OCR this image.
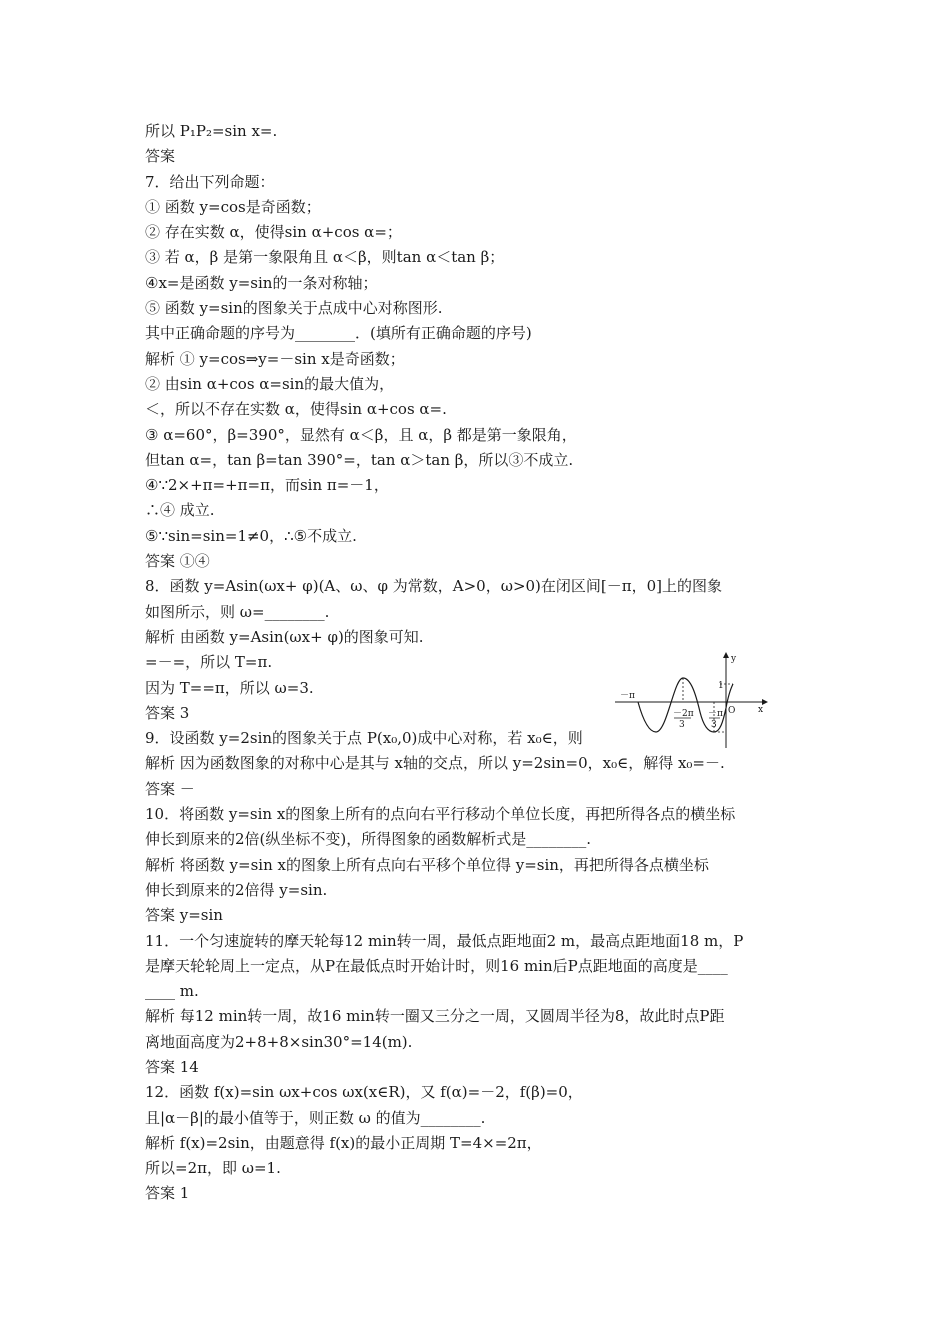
所以 P₁P₂=sin x=.
答案
7．给出下列命题：
① 函数 y=cos是奇函数；
② 存在实数 α，使得sin α+cos α=；
③ 若 α，β 是第一象限角且 α＜β，则tan α＜tan β；
④x=是函数 y=sin的一条对称轴；
⑤ 函数 y=sin的图象关于点成中心对称图形.
其中正确命题的序号为________．(填所有正确命题的序号)
解析 ① y=cos⇒y=－sin x是奇函数；
② 由sin α+cos α=sin的最大值为，
＜，所以不存在实数 α，使得sin α+cos α=.
③ α=60°，β=390°，显然有 α＜β，且 α，β 都是第一象限角，
但tan α=，tan β=tan 390°=，tan α＞tan β，所以③不成立.
④∵2×+π=+π=π，而sin π=－1，
∴④ 成立.
⑤∵sin=sin=1≠0，∴⑤不成立.
答案 ①④
8．函数 y=Asin(ωx+ φ)(A、ω、φ 为常数，A>0，ω>0)在闭区间[－π，0]上的图象
如图所示，则 ω=________.
解析 由函数 y=Asin(ωx+ φ)的图象可知.
=－=，所以 T=π.
因为 T==π，所以 ω=3.
答案 3
9．设函数 y=2sin的图象关于点 P(x₀,0)成中心对称，若 x₀∈，则
解析 因为函数图象的对称中心是其与 x轴的交点，所以 y=2sin=0，x₀∈，解得 x₀=－.
答案 －
10．将函数 y=sin x的图象上所有的点向右平行移动个单位长度，再把所得各点的横坐标
伸长到原来的2倍(纵坐标不变)，所得图象的函数解析式是________.
解析 将函数 y=sin x的图象上所有点向右平移个单位得 y=sin，再把所得各点横坐标
伸长到原来的2倍得 y=sin.
答案 y=sin
11．一个匀速旋转的摩天轮每12 min转一周，最低点距地面2 m，最高点距地面18 m，P
是摩天轮轮周上一定点，从P在最低点时开始计时，则16 min后P点距地面的高度是____
____ m.
解析 每12 min转一周，故16 min转一圈又三分之一周，又圆周半径为8，故此时点P距
离地面高度为2+8+8×sin30°=14(m).
答案 14
12．函数 f(x)=sin ωx+cos ωx(x∈R)，又 f(α)=－2，f(β)=0，
且|α－β|的最小值等于，则正数 ω 的值为________.
解析 f(x)=2sin，由题意得 f(x)的最小正周期 T=4×=2π，
所以=2π，即 ω=1.
答案 1
y
x
O
1
－π
－2π
3
－π
3
